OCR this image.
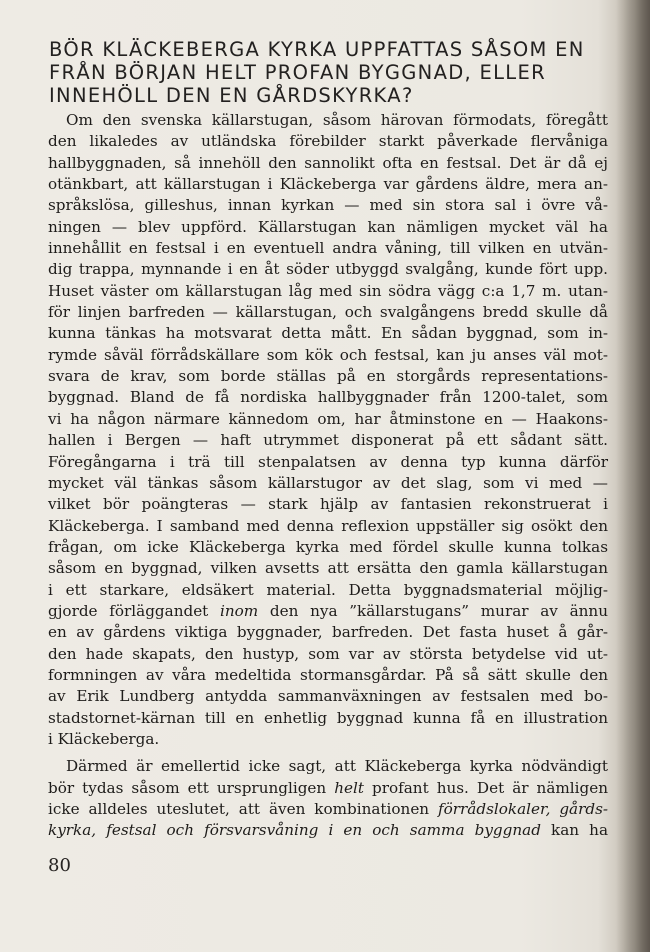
BÖR KLÄCKEBERGA KYRKA UPPFATTAS SÅSOM EN
FRÅN BÖRJAN HELT PROFAN BYGGNAD, ELLER
INNEHÖLL DEN EN GÅRDSKYRKA?

Om den svenska källarstugan, såsom härovan förmodats, föregått
den likaledes av utländska förebilder starkt påverkade flervåniga
hallbyggnaden, så innehöll den sannolikt ofta en festsal. Det är då ej
otänkbart, att källarstugan i Kläckeberga var gårdens äldre, mera an-
språkslösa, gilleshus, innan kyrkan — med sin stora sal i övre vå-
ningen — blev uppförd. Källarstugan kan nämligen mycket väl ha
innehållit en festsal i en eventuell andra våning, till vilken en utvän-
dig trappa, mynnande i en åt söder utbyggd svalgång, kunde fört upp.
Huset väster om källarstugan låg med sin södra vägg c:a 1,7 m. utan-
för linjen barfreden — källarstugan, och svalgångens bredd skulle då
kunna tänkas ha motsvarat detta mått. En sådan byggnad, som in-
rymde såväl förrådskällare som kök och festsal, kan ju anses väl mot-
svara de krav, som borde ställas på en storgårds representations-
byggnad. Bland de få nordiska hallbyggnader från 1200-talet, som
vi ha någon närmare kännedom om, har åtminstone en — Haakons-
hallen i Bergen — haft utrymmet disponerat på ett sådant sätt.
Föregångarna i trä till stenpalatsen av denna typ kunna därför
mycket väl tänkas såsom källarstugor av det slag, som vi med —
vilket bör poängteras — stark hjälp av fantasien rekonstruerat i
Kläckeberga. I samband med denna reflexion uppställer sig osökt den
frågan, om icke Kläckeberga kyrka med fördel skulle kunna tolkas
såsom en byggnad, vilken avsetts att ersätta den gamla källarstugan
i ett starkare, eldsäkert material. Detta byggnadsmaterial möjlig-
gjorde förläggandet inom den nya ”källarstugans” murar av ännu
en av gårdens viktiga byggnader, barfreden. Det fasta huset å går-
den hade skapats, den hustyp, som var av största betydelse vid ut-
formningen av våra medeltida stormansgårdar. På så sätt skulle den
av Erik Lundberg antydda sammanväxningen av festsalen med bo-
stadstornet-kärnan till en enhetlig byggnad kunna få en illustration
i Kläckeberga.

Därmed är emellertid icke sagt, att Kläckeberga kyrka nödvändigt
bör tydas såsom ett ursprungligen helt profant hus. Det är nämligen
icke alldeles uteslutet, att även kombinationen förrådslokaler, gårds-
kyrka, festsal och försvarsvåning i en och samma byggnad kan ha

80
